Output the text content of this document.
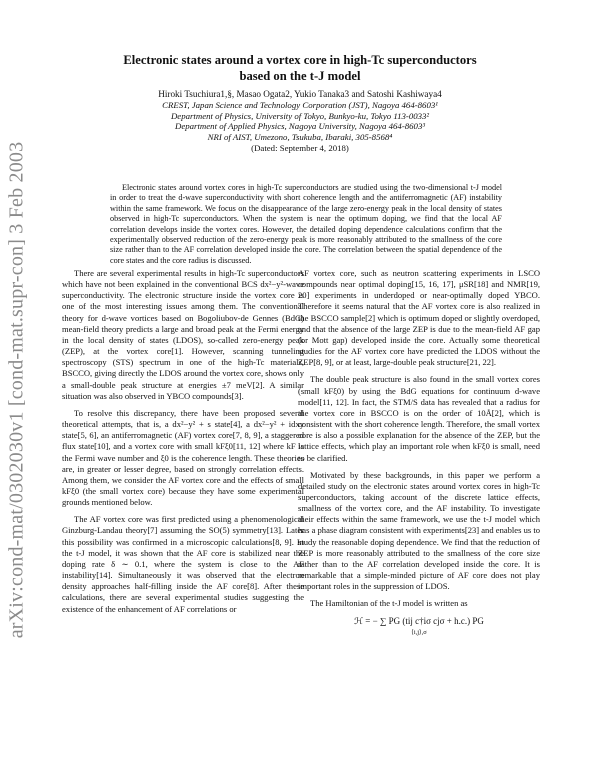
arXiv:cond-mat/0302030v1 [cond-mat.supr-con] 3 Feb 2003
Electronic states around a vortex core in high-Tc superconductors
based on the t-J model
Hiroki Tsuchiura1,§, Masao Ogata2, Yukio Tanaka3 and Satoshi Kashiwaya4
CREST, Japan Science and Technology Corporation (JST), Nagoya 464-8603¹
Department of Physics, University of Tokyo, Bunkyo-ku, Tokyo 113-0033²
Department of Applied Physics, Nagoya University, Nagoya 464-8603³
NRI of AIST, Umezono, Tsukuba, Ibaraki, 305-8568⁴
(Dated: September 4, 2018)

Electronic states around vortex cores in high-Tc superconductors are studied using the two-dimensional t-J model in order to treat the d-wave superconductivity with short coherence length and the antiferromagnetic (AF) instability within the same framework. We focus on the disappearance of the large zero-energy peak in the local density of states observed in high-Tc superconductors. When the system is near the optimum doping, we find that the local AF correlation develops inside the vortex cores. However, the detailed doping dependence calculations confirm that the experimentally observed reduction of the zero-energy peak is more reasonably attributed to the smallness of the core size rather than to the AF correlation developed inside the core. The correlation between the spatial dependence of the core states and the core radius is discussed.

There are several experimental results in high-Tc superconductors which have not been explained in the conventional BCS dx²−y²-wave superconductivity. The electronic structure inside the vortex core is one of the most interesting issues among them. The conventional theory for d-wave vortices based on Bogoliubov-de Gennes (BdG) mean-field theory predicts a large and broad peak at the Fermi energy in the local density of states (LDOS), so-called zero-energy peak (ZEP), at the vortex core[1]. However, scanning tunneling spectroscopy (STS) spectrum in one of the high-Tc materials, BSCCO, giving directly the LDOS around the vortex core, shows only a small-double peak structure at energies ±7 meV[2]. A similar situation was also observed in YBCO compounds[3].

To resolve this discrepancy, there have been proposed several theoretical attempts, that is, a dx²−y² + s state[4], a dx²−y² + idxy state[5, 6], an antiferromagnetic (AF) vortex core[7, 8, 9], a staggered flux state[10], and a vortex core with small kFξ0[11, 12] where kF is the Fermi wave number and ξ0 is the coherence length. These theories are, in greater or lesser degree, based on strongly correlation effects. Among them, we consider the AF vortex core and the effects of small kFξ0 (the small vortex core) because they have some experimental grounds mentioned below.

The AF vortex core was first predicted using a phenomenological Ginzburg-Landau theory[7] assuming the SO(5) symmetry[13]. Later this possibility was confirmed in a microscopic calculations[8, 9]. In the t-J model, it was shown that the AF core is stabilized near the doping rate δ ∼ 0.1, where the system is close to the AF instability[14]. Simultaneously it was observed that the electron density approaches half-filling inside the AF core[8]. After these calculations, there are several experimental studies suggesting the existence of the enhancement of AF correlations or

AF vortex core, such as neutron scattering experiments in LSCO compounds near optimal doping[15, 16, 17], μSR[18] and NMR[19, 20] experiments in underdoped or near-optimally doped YBCO. Therefore it seems natural that the AF vortex core is also realized in the BSCCO sample[2] which is optimum doped or slightly overdoped, and that the absence of the large ZEP is due to the mean-field AF gap (or Mott gap) developed inside the core. Actually some theoretical studies for the AF vortex core have predicted the LDOS without the ZEP[8, 9], or at least, large-double peak structure[21, 22].

The double peak structure is also found in the small vortex cores (small kFξ0) by using the BdG equations for continuum d-wave model[11, 12]. In fact, the STM/S data has revealed that a radius for the vortex core in BSCCO is on the order of 10Å[2], which is consistent with the short coherence length. Therefore, the small vortex core is also a possible explanation for the absence of the ZEP, but the lattice effects, which play an important role when kFξ0 is small, need to be clarified.

Motivated by these backgrounds, in this paper we perform a detailed study on the electronic states around vortex cores in high-Tc superconductors, taking account of the discrete lattice effects, smallness of the vortex core, and the AF instability. To investigate their effects within the same framework, we use the t-J model which has a phase diagram consistent with experiments[23] and enables us to study the reasonable doping dependence. We find that the reduction of ZEP is more reasonably attributed to the smallness of the core size rather than to the AF correlation developed inside the core. It is remarkable that a simple-minded picture of AF core does not play important roles in the suppression of LDOS.

The Hamiltonian of the t-J model is written as

ℋ = − ∑ PG (tij c†iσ cjσ + h.c.) PG
⟨i,j⟩,σ
